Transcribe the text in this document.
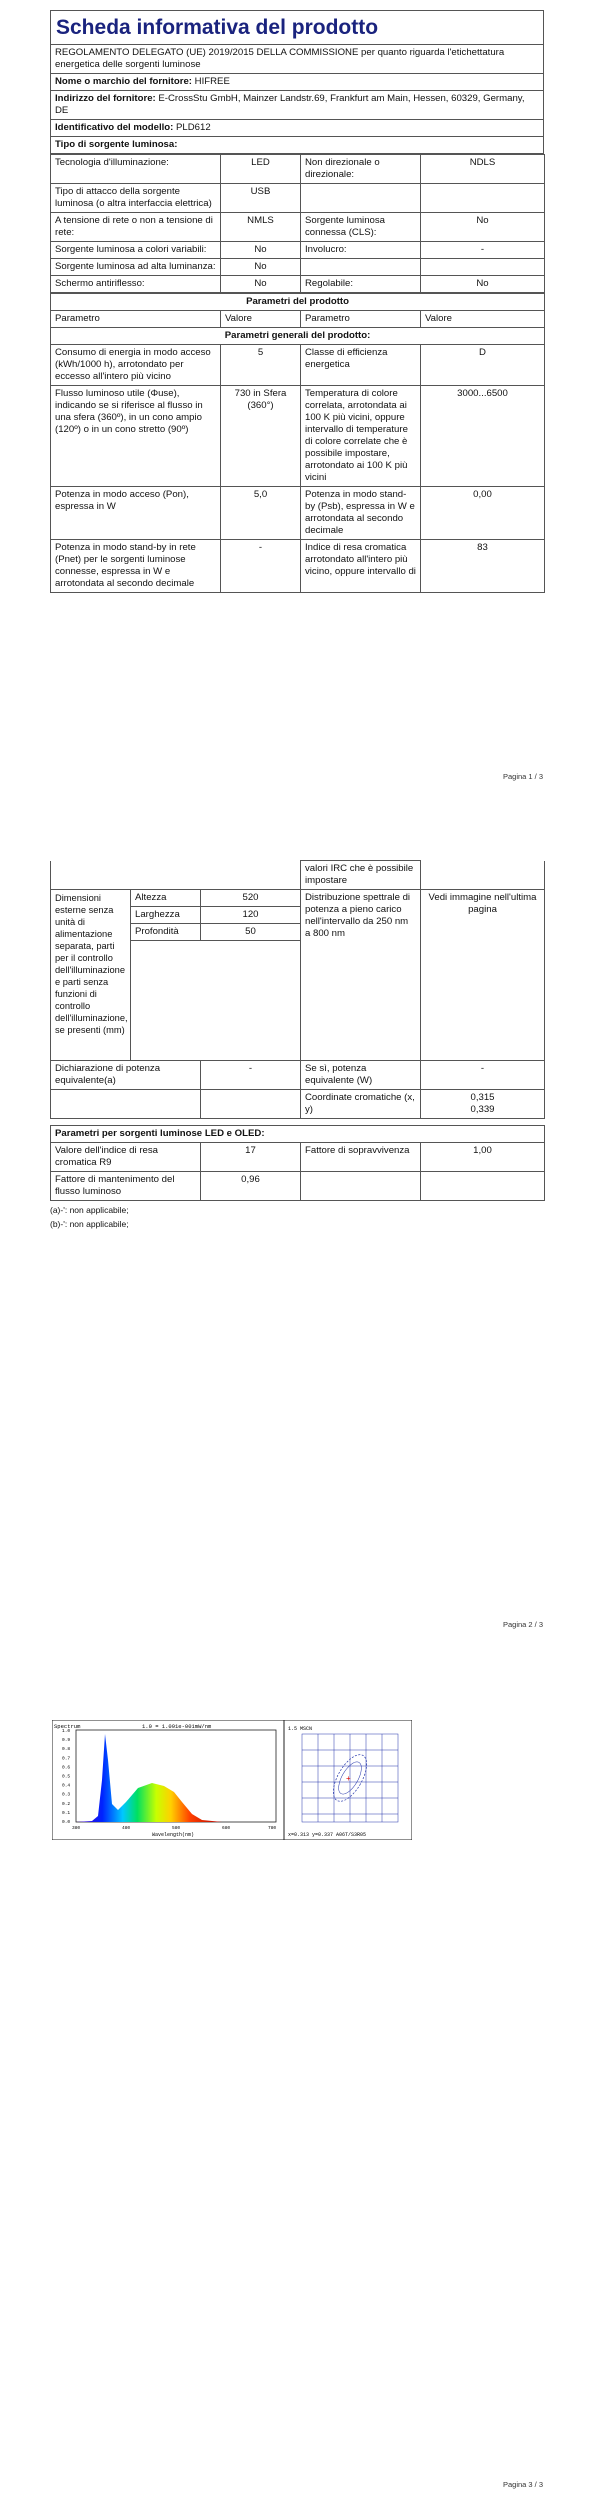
Scheda informativa del prodotto
REGOLAMENTO DELEGATO (UE) 2019/2015 DELLA COMMISSIONE per quanto riguarda l'etichettatura energetica delle sorgenti luminose
Nome o marchio del fornitore: HIFREE
Indirizzo del fornitore: E-CrossStu GmbH, Mainzer Landstr.69, Frankfurt am Main, Hessen, 60329, Germany, DE
Identificativo del modello: PLD612
Tipo di sorgente luminosa:
Tecnologia d'illuminazione:	LED	Non direzionale o direzionale:	NDLS
Tipo di attacco della sorgente luminosa (o altra interfaccia elettrica)	USB		
A tensione di rete o non a tensione di rete:	NMLS	Sorgente luminosa connessa (CLS):	No
Sorgente luminosa a colori variabili:	No	Involucro:	-
Sorgente luminosa ad alta luminanza:	No		
Schermo antiriflesso:	No	Regolabile:	No
Parametri del prodotto			
Parametro	Valore	Parametro	Valore
Parametri generali del prodotto:			
Consumo di energia in modo acceso (kWh/1000 h), arrotondato per eccesso all'intero più vicino	5	Classe di efficienza energetica	D
Flusso luminoso utile (Φuse), indicando se si riferisce al flusso in una sfera (360º), in un cono ampio (120º) o in un cono stretto (90º)	730 in Sfera (360°)	Temperatura di colore correlata, arrotondata ai 100 K più vicini, oppure intervallo di temperature di colore correlate che è possibile impostare, arrotondato ai 100 K più vicini	3000...6500
Potenza in modo acceso (Pon), espressa in W	5,0	Potenza in modo stand-by (Psb), espressa in W e arrotondata al secondo decimale	0,00
Potenza in modo stand-by in rete (Pnet) per le sorgenti luminose connesse, espressa in W e arrotondata al secondo decimale	-	Indice di resa cromatica arrotondato all'intero più vicino, oppure intervallo di	83
Pagina 1 / 3
			valori IRC che è possibile impostare	
Dimensioni esterne senza unità di alimentazione separata, parti per il controllo dell'illuminazione e parti senza funzioni di controllo dell'illuminazione, se presenti (mm)	Altezza	520	Distribuzione spettrale di potenza a pieno carico nell'intervallo da 250 nm a 800 nm	Vedi immagine nell'ultima pagina
	Larghezza	120		
	Profondità	50		

Dichiarazione di potenza equivalente(a)		-	Se sì, potenza equivalente (W)	-
			Coordinate cromatiche (x, y)	0,315
0,339
Parametri per sorgenti luminose LED e OLED:			
Valore dell'indice di resa cromatica R9	17	Fattore di sopravvivenza	1,00
Fattore di mantenimento del flusso luminoso	0,96		
(a)-': non applicabile;
(b)-': non applicabile;
Pagina 2 / 3
Pagina 3 / 3
Spectrum	1.0 = 1.091e-001mW/nm
Wavelength(nm)
380	480	580	680	780
1.0
0.9
0.8
0.7
0.6
0.5
0.4
0.3
0.2
0.1
0.0
1.5 MSCN
+
x=0.313 y=0.337 A06T/S3R05
